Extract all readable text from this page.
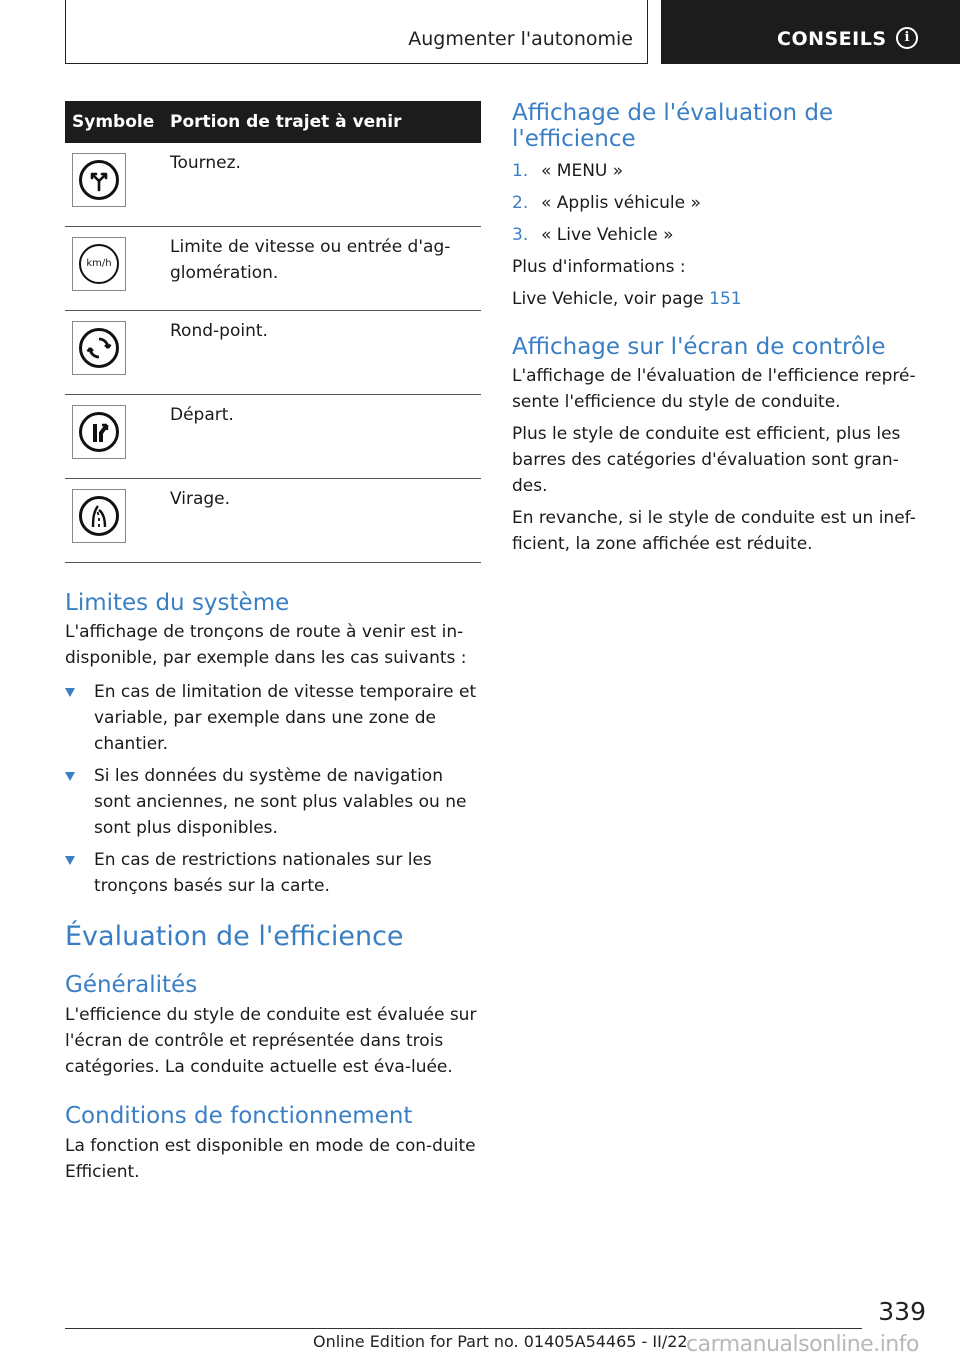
Augmenter l'autonomie	CONSEILS	i
Symbole	Portion de trajet à venir

	Tournez.

km/h	Limite de vitesse ou entrée d'ag-glomération.

	Rond-point.

	Départ.

	Virage.
Limites du système

L'affichage de tronçons de route à venir est in-disponible, par exemple dans les cas suivants :

En cas de limitation de vitesse temporaire et variable, par exemple dans une zone de chantier.
Si les données du système de navigation sont anciennes, ne sont plus valables ou ne sont plus disponibles.
En cas de restrictions nationales sur les tronçons basés sur la carte.
Évaluation de l'efficience
Généralités

L'efficience du style de conduite est évaluée sur l'écran de contrôle et représentée dans trois catégories. La conduite actuelle est éva-luée.

Conditions de fonctionnement

La fonction est disponible en mode de con-duite Efficient.

Affichage de l'évaluation de l'efficience
1. « MENU »
2. « Applis véhicule »
3. « Live Vehicle »

Plus d'informations :

Live Vehicle, voir page 151

Affichage sur l'écran de contrôle

L'affichage de l'évaluation de l'efficience repré-sente l'efficience du style de conduite.

Plus le style de conduite est efficient, plus les barres des catégories d'évaluation sont gran-des.

En revanche, si le style de conduite est un inef-ficient, la zone affichée est réduite.

339
Online Edition for Part no. 01405A54465 - II/22
carmanualsonline.info
